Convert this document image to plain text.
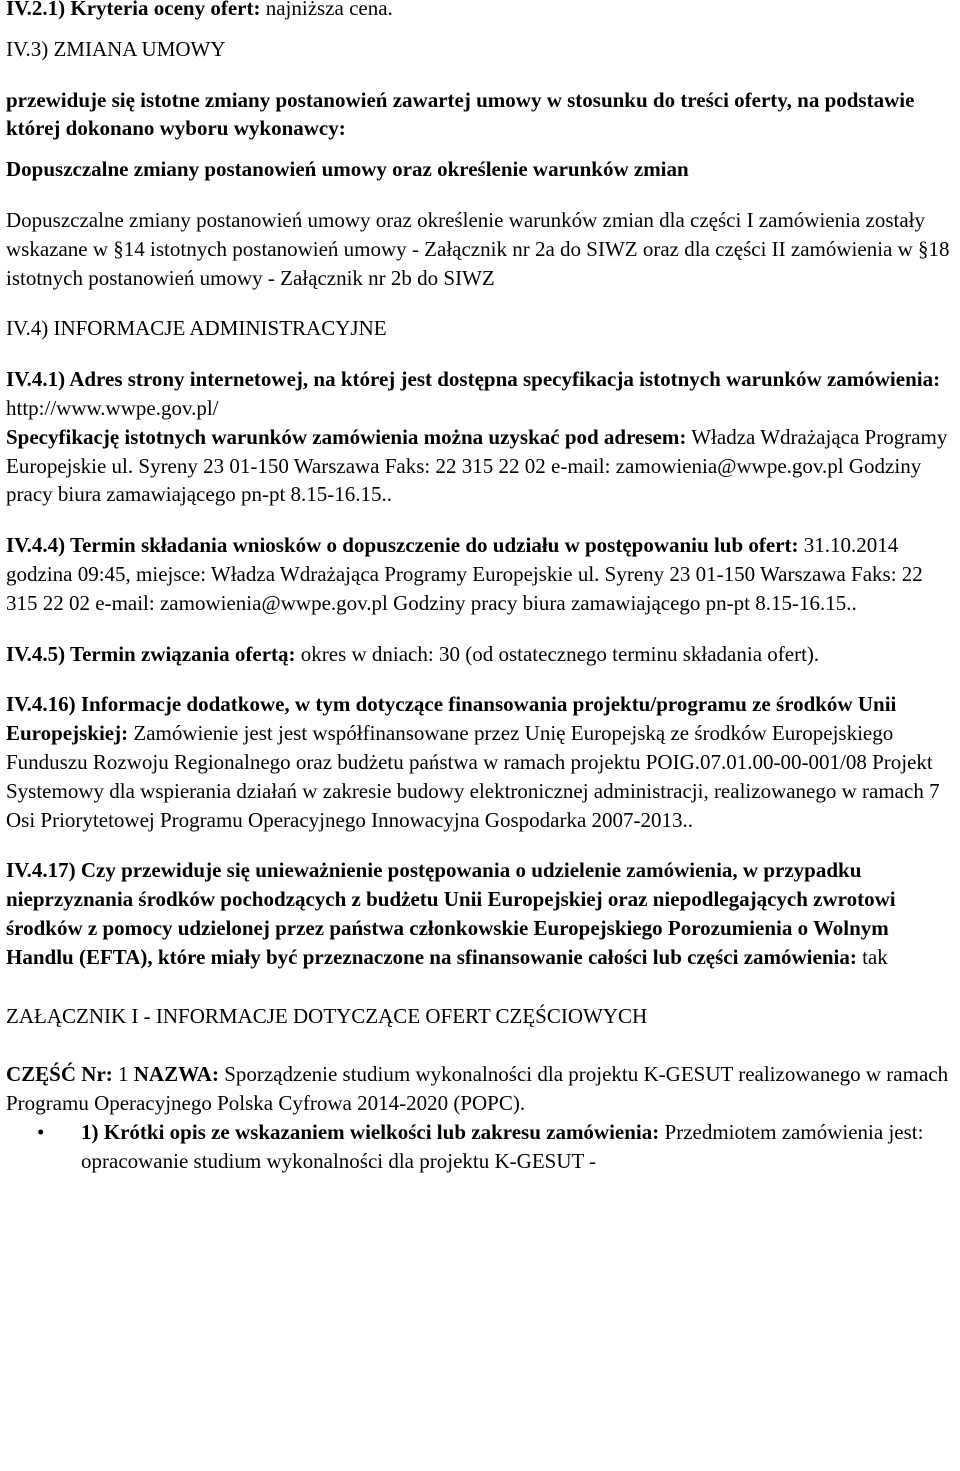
IV.2.1) Kryteria oceny ofert: najniższa cena.

IV.3) ZMIANA UMOWY

przewiduje się istotne zmiany postanowień zawartej umowy w stosunku do treści oferty, na podstawie której dokonano wyboru wykonawcy:

Dopuszczalne zmiany postanowień umowy oraz określenie warunków zmian

Dopuszczalne zmiany postanowień umowy oraz określenie warunków zmian dla części I zamówienia zostały wskazane w §14 istotnych postanowień umowy - Załącznik nr 2a do SIWZ oraz dla części II zamówienia w §18 istotnych postanowień umowy - Załącznik nr 2b do SIWZ

IV.4) INFORMACJE ADMINISTRACYJNE

IV.4.1) Adres strony internetowej, na której jest dostępna specyfikacja istotnych warunków zamówienia: http://www.wwpe.gov.pl/
Specyfikację istotnych warunków zamówienia można uzyskać pod adresem: Władza Wdrażająca Programy Europejskie ul. Syreny 23 01-150 Warszawa Faks: 22 315 22 02 e-mail: zamowienia@wwpe.gov.pl Godziny pracy biura zamawiającego pn-pt 8.15-16.15..

IV.4.4) Termin składania wniosków o dopuszczenie do udziału w postępowaniu lub ofert: 31.10.2014 godzina 09:45, miejsce: Władza Wdrażająca Programy Europejskie ul. Syreny 23 01-150 Warszawa Faks: 22 315 22 02 e-mail: zamowienia@wwpe.gov.pl Godziny pracy biura zamawiającego pn-pt 8.15-16.15..

IV.4.5) Termin związania ofertą: okres w dniach: 30 (od ostatecznego terminu składania ofert).

IV.4.16) Informacje dodatkowe, w tym dotyczące finansowania projektu/programu ze środków Unii Europejskiej: Zamówienie jest jest współfinansowane przez Unię Europejską ze środków Europejskiego Funduszu Rozwoju Regionalnego oraz budżetu państwa w ramach projektu POIG.07.01.00-00-001/08 Projekt Systemowy dla wspierania działań w zakresie budowy elektronicznej administracji, realizowanego w ramach 7 Osi Priorytetowej Programu Operacyjnego Innowacyjna Gospodarka 2007-2013..

IV.4.17) Czy przewiduje się unieważnienie postępowania o udzielenie zamówienia, w przypadku nieprzyznania środków pochodzących z budżetu Unii Europejskiej oraz niepodlegających zwrotowi środków z pomocy udzielonej przez państwa członkowskie Europejskiego Porozumienia o Wolnym Handlu (EFTA), które miały być przeznaczone na sfinansowanie całości lub części zamówienia: tak

ZAŁĄCZNIK I - INFORMACJE DOTYCZĄCE OFERT CZĘŚCIOWYCH

CZĘŚĆ Nr: 1 NAZWA: Sporządzenie studium wykonalności dla projektu K-GESUT realizowanego w ramach Programu Operacyjnego Polska Cyfrowa 2014-2020 (POPC).

• 1) Krótki opis ze wskazaniem wielkości lub zakresu zamówienia: Przedmiotem zamówienia jest: opracowanie studium wykonalności dla projektu K-GESUT -
